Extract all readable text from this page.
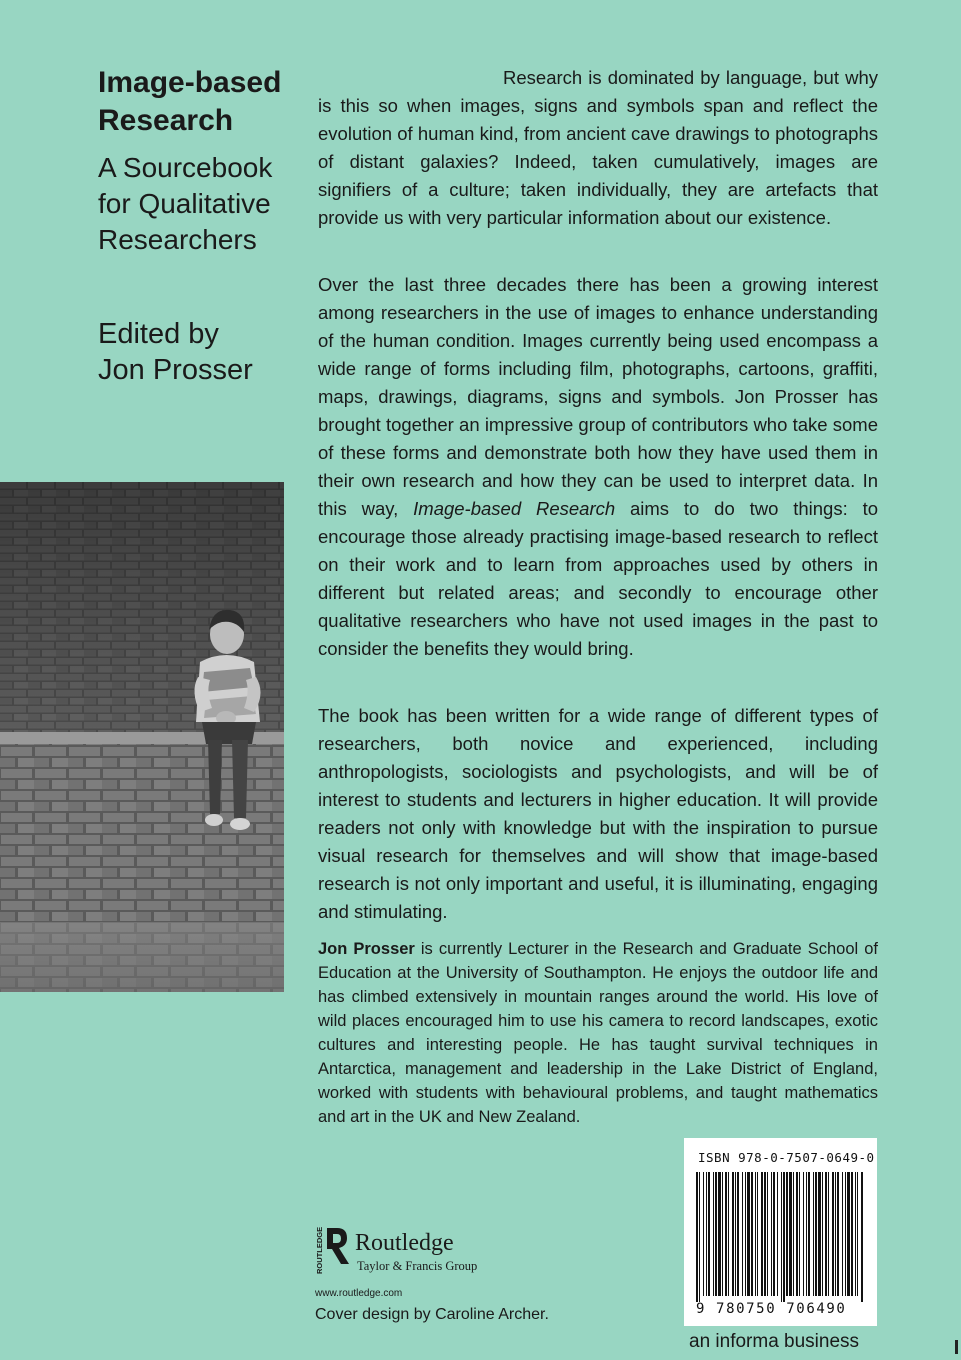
Image-based
Research
A Sourcebook
for Qualitative
Researchers
Edited by
Jon Prosser

Research is dominated by language, but why is this so when images, signs and symbols span and reflect the evolution of human kind, from ancient cave drawings to photographs of distant galaxies? Indeed, taken cumulatively, images are signifiers of a culture; taken individually, they are artefacts that provide us with very particular information about our existence.

Over the last three decades there has been a growing interest among researchers in the use of images to enhance understanding of the human condition. Images currently being used encompass a wide range of forms including film, photographs, cartoons, graffiti, maps, drawings, diagrams, signs and symbols. Jon Prosser has brought together an impressive group of contributors who take some of these forms and demonstrate both how they have used them in their own research and how they can be used to interpret data. In this way, Image-based Research aims to do two things: to encourage those already practising image-based research to reflect on their work and to learn from approaches used by others in different but related areas; and secondly to encourage other qualitative researchers who have not used images in the past to consider the benefits they would bring.

The book has been written for a wide range of different types of researchers, both novice and experienced, including anthropologists, sociologists and psychologists, and will be of interest to students and lecturers in higher education. It will provide readers not only with knowledge but with the inspiration to pursue visual research for themselves and will show that image-based research is not only important and useful, it is illuminating, engaging and stimulating.

Jon Prosser is currently Lecturer in the Research and Graduate School of Education at the University of Southampton. He enjoys the outdoor life and has climbed extensively in mountain ranges around the world. His love of wild places encouraged him to use his camera to record landscapes, exotic cultures and interesting people. He has taught survival techniques in Antarctica, management and leadership in the Lake District of England, worked with students with behavioural problems, and taught mathematics and art in the UK and New Zealand.

ISBN 978-0-7507-0649-0
9 780750 706490
an informa business
ROUTLEDGE Routledge
Taylor & Francis Group
www.routledge.com
Cover design by Caroline Archer.
